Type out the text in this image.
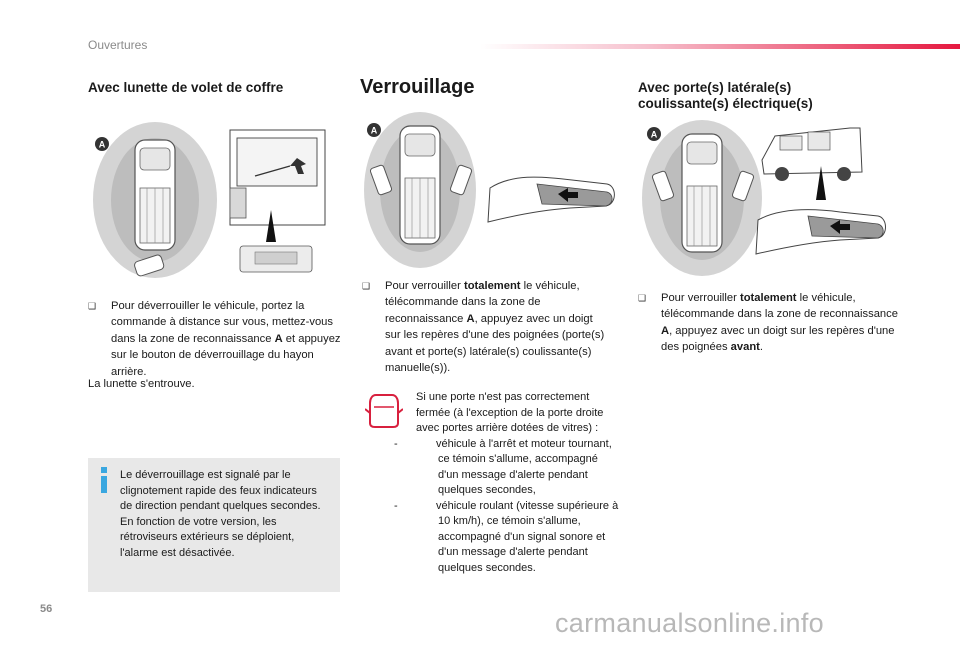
Ouvertures
Avec lunette de volet de coffre
A
❑ Pour déverrouiller le véhicule, portez la commande à distance sur vous, mettez-vous dans la zone de reconnaissance A et appuyez sur le bouton de déverrouillage du hayon arrière.
La lunette s'entrouve.
Le déverrouillage est signalé par le clignotement rapide des feux indicateurs de direction pendant quelques secondes.
En fonction de votre version, les rétroviseurs extérieurs se déploient, l'alarme est désactivée.
Verrouillage
A
❑ Pour verrouiller totalement le véhicule, télécommande dans la zone de reconnaissance A, appuyez avec un doigt sur les repères d'une des poignées (porte(s) avant et porte(s) latérale(s) coulissante(s) manuelle(s)).
Si une porte n'est pas correctement fermée (à l'exception de la porte droite avec portes arrière dotées de vitres) :
-	véhicule à l'arrêt et moteur tournant, ce témoin s'allume, accompagné d'un message d'alerte pendant quelques secondes,
-	véhicule roulant (vitesse supérieure à 10 km/h), ce témoin s'allume, accompagné d'un signal sonore et d'un message d'alerte pendant quelques secondes.
Avec porte(s) latérale(s)
coulissante(s) électrique(s)
A
❑ Pour verrouiller totalement le véhicule, télécommande dans la zone de reconnaissance A, appuyez avec un doigt sur les repères d'une des poignées avant.
56	carmanualsonline.info
